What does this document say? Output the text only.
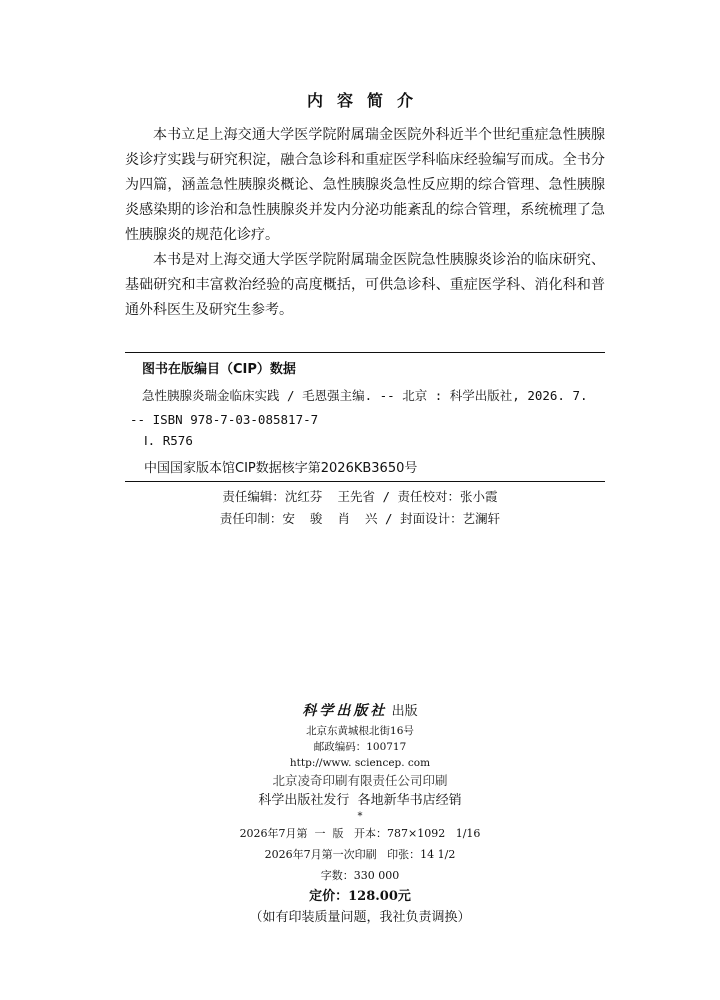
内容简介

本书立足上海交通大学医学院附属瑞金医院外科近半个世纪重症急性胰腺炎诊疗实践与研究积淀，融合急诊科和重症医学科临床经验编写而成。全书分为四篇，涵盖急性胰腺炎概论、急性胰腺炎急性反应期的综合管理、急性胰腺炎感染期的诊治和急性胰腺炎并发内分泌功能紊乱的综合管理，系统梳理了急性胰腺炎的规范化诊疗。

本书是对上海交通大学医学院附属瑞金医院急性胰腺炎诊治的临床研究、基础研究和丰富救治经验的高度概括，可供急诊科、重症医学科、消化科和普通外科医生及研究生参考。

图书在版编目（CIP）数据
急性胰腺炎瑞金临床实践 / 毛恩强主编. -- 北京 : 科学出版社, 2026. 7. -- ISBN 978-7-03-085817-7
Ⅰ. R576
中国国家版本馆CIP数据核字第2026KB3650号
责任编辑：沈红芬  王先省 / 责任校对：张小霞
责任印制：安  骏  肖  兴 / 封面设计：艺澜轩
科学出版社 出版
北京东黄城根北街16号
邮政编码：100717
http://www. sciencep. com
北京凌奇印刷有限责任公司印刷
科学出版社发行  各地新华书店经销
*
2026年7月第  一  版   开本：787×1092   1/16
2026年7月第一次印刷   印张：14 1/2
字数：330 000
定价：128.00元
（如有印装质量问题，我社负责调换）
